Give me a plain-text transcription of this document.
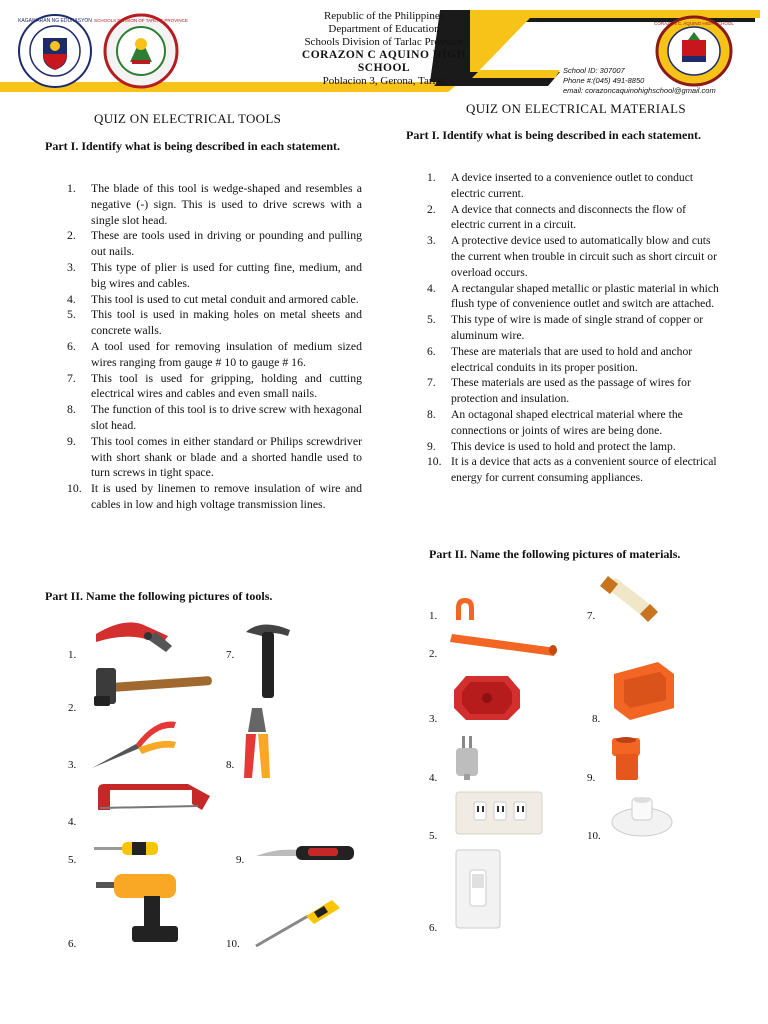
KAGAWARAN NG EDUKASYON SCHOOLS DIVISION OF TARLAC PROVINCE	Republic of the Philippines
Department of Education
Schools Division of Tarlac Province
CORAZON C AQUINO HIGH SCHOOL
Poblacion 3, Gerona, Tarlac
CORAZON C. AQUINO HIGH SCHOOL
School ID: 307007
Phone #:(045) 491-8850
email: corazoncaquinohighschool@gmail.com
QUIZ ON ELECTRICAL TOOLS
Part I. Identify what is being described in each statement.
1. The blade of this tool is wedge-shaped and resembles a negative (-) sign. This is used to drive screws with a single slot head.
2. These are tools used in driving or pounding and pulling out nails.
3. This type of plier is used for cutting fine, medium, and big wires and cables.
4. This tool is used to cut metal conduit and armored cable.
5. This tool is used in making holes on metal sheets and concrete walls.
6. A tool used for removing insulation of medium sized wires ranging from gauge # 10 to gauge # 16.
7. This tool is used for gripping, holding and cutting electrical wires and cables and even small nails.
8. The function of this tool is to drive screw with hexagonal slot head.
9. This tool comes in either standard or Philips screwdriver with short shank or blade and a shorted handle used to turn screws in tight space.
10. It is used by linemen to remove insulation of wire and cables in low and high voltage transmission lines.
Part II. Name the following pictures of tools.
1.
2.
3.
4.
5.
6.
7.
8.
9.
10.
QUIZ ON ELECTRICAL MATERIALS
Part I. Identify what is being described in each statement.
1. A device inserted to a convenience outlet to conduct electric current.
2. A device that connects and disconnects the flow of electric current in a circuit.
3. A protective device used to automatically blow and cuts the current when trouble in circuit such as short circuit or overload occurs.
4. A rectangular shaped metallic or plastic material in which flush type of convenience outlet and switch are attached.
5. This type of wire is made of single strand of copper or aluminum wire.
6. These are materials that are used to hold and anchor electrical conduits in its proper position.
7. These materials are used as the passage of wires for protection and insulation.
8. An octagonal shaped electrical material where the connections or joints of wires are being done.
9. This device is used to hold and protect the lamp.
10. It is a device that acts as a convenient source of electrical energy for current consuming appliances.
Part II. Name the following pictures of materials.
1.
2.
3.
4.
5.
6.
7.
8.
9.
10.
